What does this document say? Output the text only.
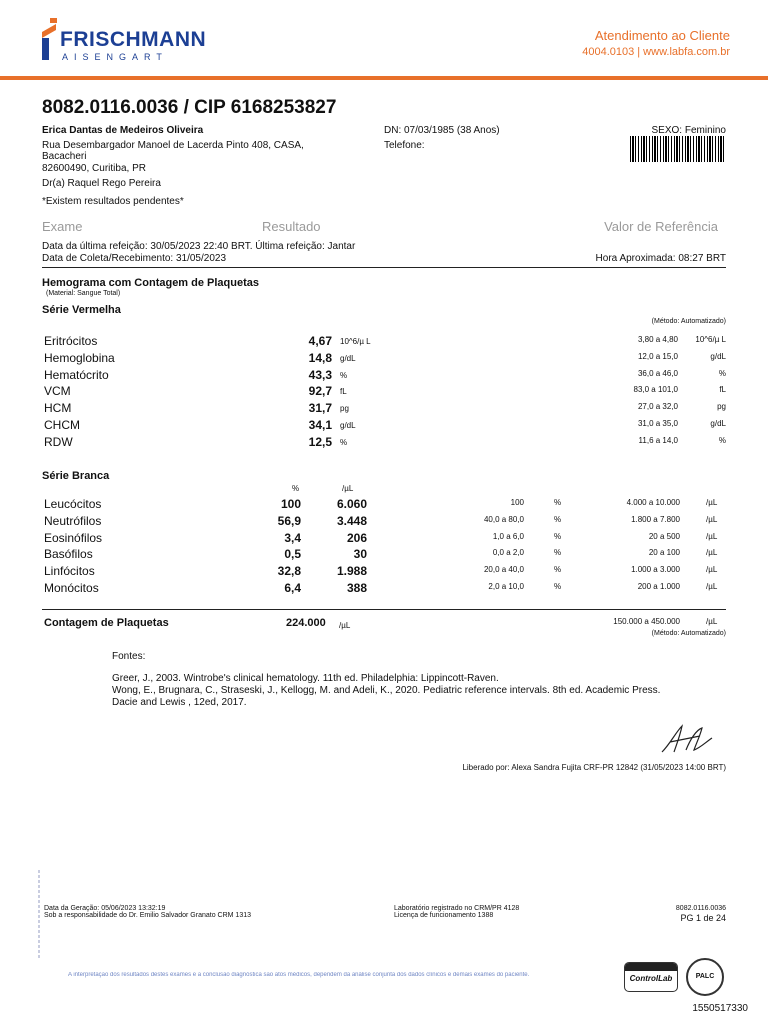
FRISCHMANN
AISENGART
Atendimento ao Cliente
4004.0103 | www.labfa.com.br
8082.0116.0036 / CIP 6168253827
Erica Dantas de Medeiros Oliveira
Rua Desembargador Manoel de Lacerda Pinto 408, CASA,
Bacacheri
82600490, Curitiba, PR
Dr(a) Raquel Rego Pereira
*Existem resultados pendentes*
DN: 07/03/1985 (38 Anos)
Telefone:
SEXO: Feminino
Exame	Resultado	Valor de Referência
Data da última refeição: 30/05/2023 22:40 BRT. Última refeição: Jantar
Data de Coleta/Recebimento: 31/05/2023	Hora Aproximada: 08:27 BRT
Hemograma com Contagem de Plaquetas
(Material: Sangue Total)
Série Vermelha
(Método: Automatizado)
Eritrócitos	4,67 10^6/µ L	3,80 a 4,80 10^6/µ L
Hemoglobina	14,8 g/dL	12,0 a 15,0	g/dL
Hematócrito	43,3 %	36,0 a 46,0	%
VCM	92,7 fL	83,0 a 101,0	fL
HCM	31,7 pg	27,0 a 32,0	pg
CHCM	34,1 g/dL	31,0 a 35,0	g/dL
RDW	12,5 %	11,6 a 14,0	%
Série Branca
%	/µL
Leucócitos	100	6.060	100	%	4.000 a 10.000	/µL
Neutrófilos	56,9	3.448	40,0 a 80,0	%	1.800 a 7.800	/µL
Eosinófilos	3,4	206	1,0 a 6,0	%	20 a 500	/µL
Basófilos	0,5	30	0,0 a 2,0	%	20 a 100	/µL
Linfócitos	32,8	1.988	20,0 a 40,0	%	1.000 a 3.000	/µL
Monócitos	6,4	388	2,0 a 10,0	%	200 a 1.000	/µL
Contagem de Plaquetas	224.000 /µL	150.000 a 450.000	/µL
(Método: Automatizado)
Fontes:
Greer, J., 2003. Wintrobe's clinical hematology. 11th ed. Philadelphia: Lippincott-Raven.
Wong, E., Brugnara, C., Straseski, J., Kellogg, M. and Adeli, K., 2020. Pediatric reference intervals. 8th ed. Academic Press.
Dacie and Lewis , 12ed, 2017.
Liberado por: Alexa Sandra Fujita CRF-PR 12842 (31/05/2023 14:00 BRT)
Data da Geração: 05/06/2023 13:32:19
Sob a responsabilidade do Dr. Emilio Salvador Granato CRM 1313
Laboratório registrado no CRM/PR 4128
Licença de funcionamento 1388
8082.0116.0036
PG 1 de 24
A interpretação dos resultados destes exames e a conclusão diagnóstica são atos médicos, dependem da análise conjunta dos dados clínicos e demais exames do paciente.	ControlLab	PALC
1550517330
